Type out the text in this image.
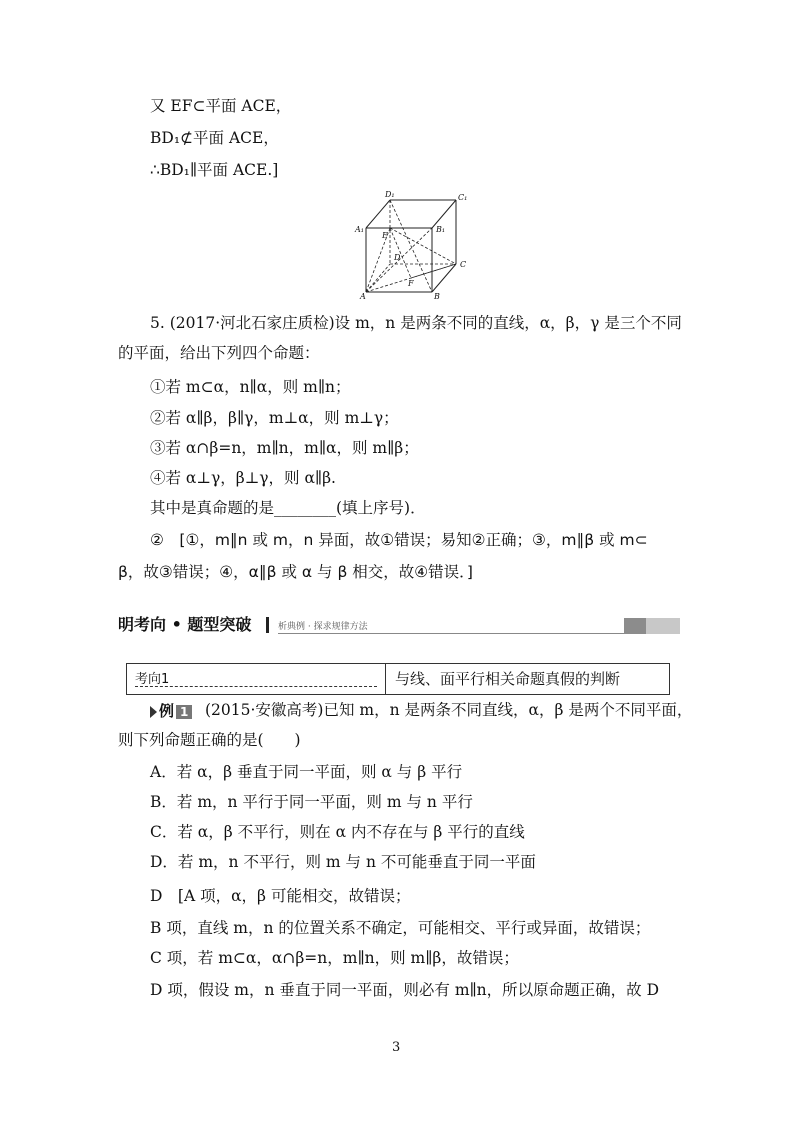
又 EF⊂平面 ACE，
BD₁⊄平面 ACE，
∴BD₁∥平面 ACE.]
D₁	C₁
A₁	B₁
E
D
C
F
A	B
5. (2017·河北石家庄质检)设 m，n 是两条不同的直线，α，β，γ 是三个不同
的平面，给出下列四个命题：
①若 m⊂α，n∥α，则 m∥n；
②若 α∥β，β∥γ，m⊥α，则 m⊥γ；
③若 α∩β=n，m∥n，m∥α，则 m∥β；
④若 α⊥γ，β⊥γ，则 α∥β.
其中是真命题的是________(填上序号)．
②　[①，m∥n 或 m，n 异面，故①错误；易知②正确；③，m∥β 或 m⊂
β，故③错误；④，α∥β 或 α 与 β 相交，故④错误．]
明考向 • 题型突破	析典例 · 探求规律方法
考向1	与线、面平行相关命题真假的判断
例 1 (2015·安徽高考)已知 m，n 是两条不同直线，α，β 是两个不同平面，
则下列命题正确的是(　　)
A．若 α，β 垂直于同一平面，则 α 与 β 平行
B．若 m，n 平行于同一平面，则 m 与 n 平行
C．若 α，β 不平行，则在 α 内不存在与 β 平行的直线
D．若 m，n 不平行，则 m 与 n 不可能垂直于同一平面
D　[A 项，α，β 可能相交，故错误；
B 项，直线 m，n 的位置关系不确定，可能相交、平行或异面，故错误；
C 项，若 m⊂α，α∩β=n，m∥n，则 m∥β，故错误；
D 项，假设 m，n 垂直于同一平面，则必有 m∥n，所以原命题正确，故 D
3
